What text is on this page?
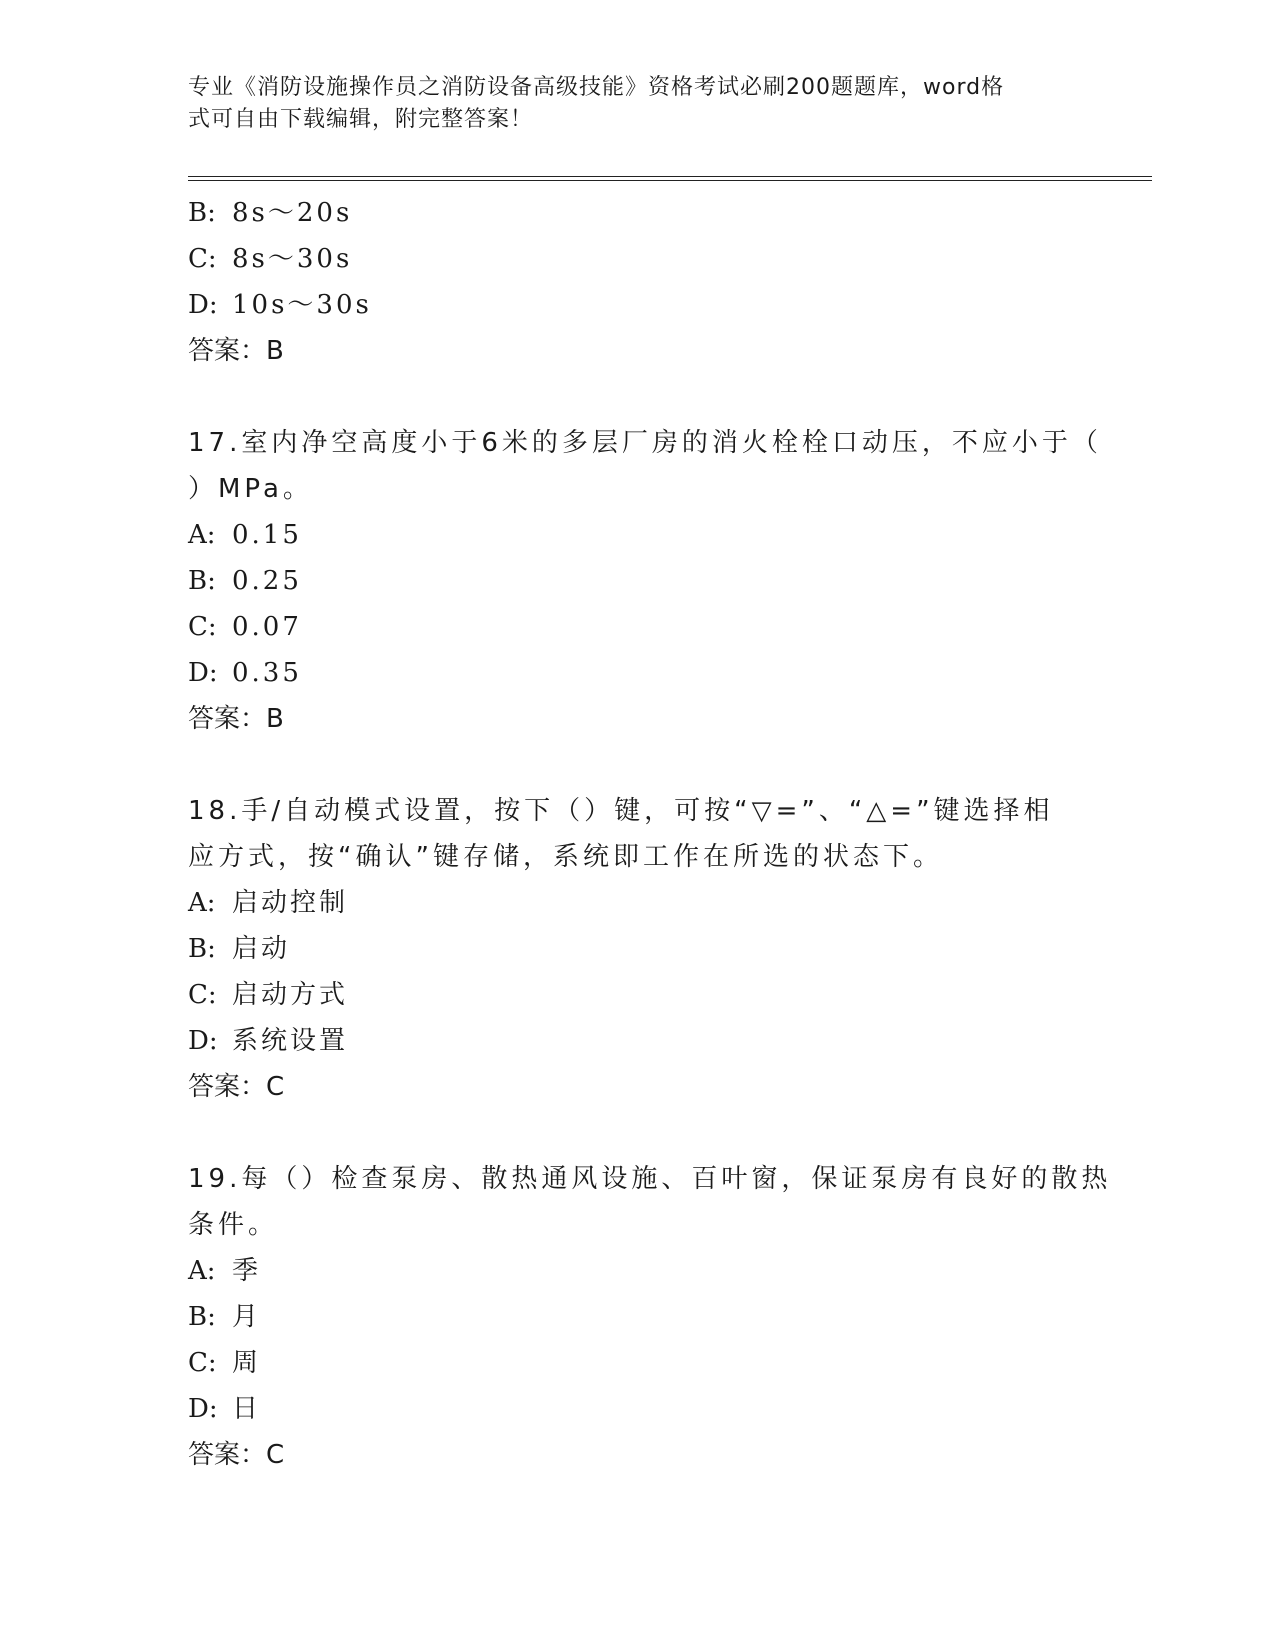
专业《消防设施操作员之消防设备高级技能》资格考试必刷200题题库，word格
式可自由下载编辑，附完整答案！
B: 8s～20s
C: 8s～30s
D: 10s～30s
答案：B
17.室内净空高度小于6米的多层厂房的消火栓栓口动压，不应小于（
）MPa。
A: 0.15
B: 0.25
C: 0.07
D: 0.35
答案：B
18.手/自动模式设置，按下（）键，可按“▽=”、“△=”键选择相
应方式，按“确认”键存储，系统即工作在所选的状态下。
A: 启动控制
B: 启动
C: 启动方式
D: 系统设置
答案：C
19.每（）检查泵房、散热通风设施、百叶窗，保证泵房有良好的散热
条件。
A: 季
B: 月
C: 周
D: 日
答案：C
